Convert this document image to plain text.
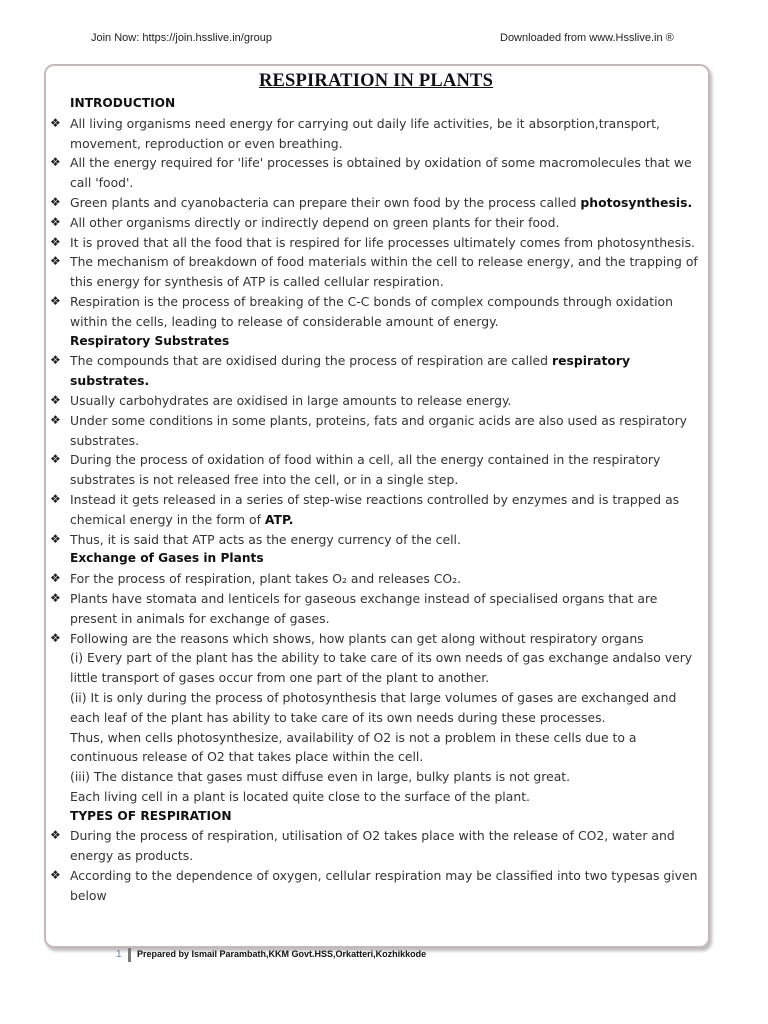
Join Now: https://join.hsslive.in/group	Downloaded from www.Hsslive.in ®
RESPIRATION IN PLANTS

INTRODUCTION

❖ All living organisms need energy for carrying out daily life activities, be it absorption,transport, movement, reproduction or even breathing.

❖ All the energy required for 'life' processes is obtained by oxidation of some macromolecules that we call 'food'.

❖ Green plants and cyanobacteria can prepare their own food by the process called photosynthesis.

❖ All other organisms directly or indirectly depend on green plants for their food.

❖ It is proved that all the food that is respired for life processes ultimately comes from photosynthesis.

❖ The mechanism of breakdown of food materials within the cell to release energy, and the trapping of this energy for synthesis of ATP is called cellular respiration.

❖ Respiration is the process of breaking of the C-C bonds of complex compounds through oxidation within the cells, leading to release of considerable amount of energy.

Respiratory Substrates

❖ The compounds that are oxidised during the process of respiration are called respiratory substrates.

❖ Usually carbohydrates are oxidised in large amounts to release energy.

❖ Under some conditions in some plants, proteins, fats and organic acids are also used as respiratory substrates.

❖ During the process of oxidation of food within a cell, all the energy contained in the respiratory substrates is not released free into the cell, or in a single step.

❖ Instead it gets released in a series of step-wise reactions controlled by enzymes and is trapped as chemical energy in the form of ATP.

❖ Thus, it is said that ATP acts as the energy currency of the cell.

Exchange of Gases in Plants

❖ For the process of respiration, plant takes O₂ and releases CO₂.

❖ Plants have stomata and lenticels for gaseous exchange instead of specialised organs that are present in animals for exchange of gases.

❖ Following are the reasons which shows, how plants can get along without respiratory organs

(i) Every part of the plant has the ability to take care of its own needs of gas exchange andalso very little transport of gases occur from one part of the plant to another.

(ii) It is only during the process of photosynthesis that large volumes of gases are exchanged and each leaf of the plant has ability to take care of its own needs during these processes.

Thus, when cells photosynthesize, availability of O2 is not a problem in these cells due to a continuous release of O2 that takes place within the cell.

(iii) The distance that gases must diffuse even in large, bulky plants is not great.

Each living cell in a plant is located quite close to the surface of the plant.

TYPES OF RESPIRATION

❖ During the process of respiration, utilisation of O2 takes place with the release of CO2, water and energy as products.

❖ According to the dependence of oxygen, cellular respiration may be classified into two typesas given below

1 Prepared by Ismail Parambath,KKM Govt.HSS,Orkatteri,Kozhikkode
